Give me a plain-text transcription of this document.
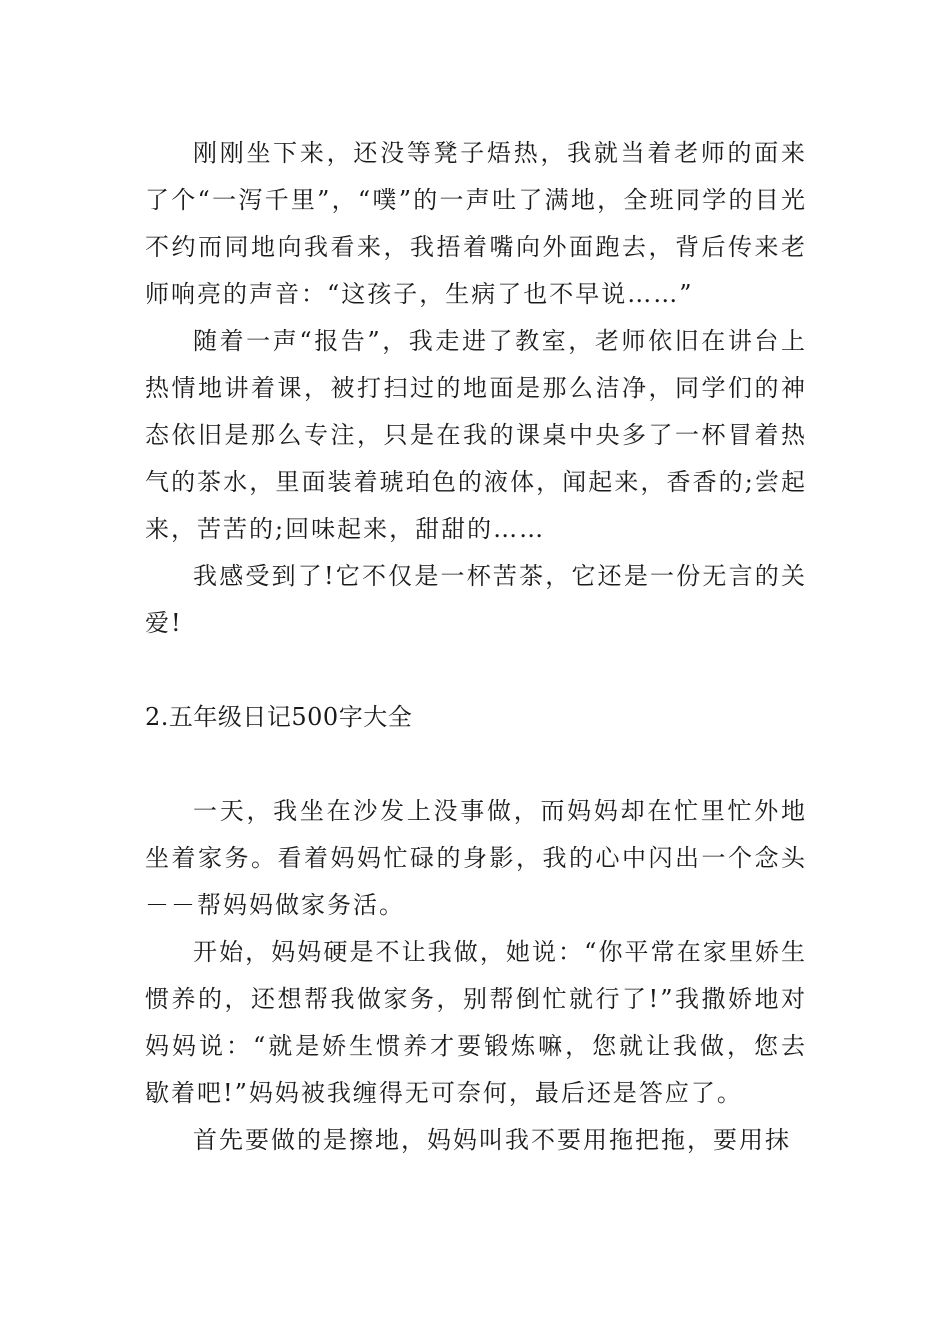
刚刚坐下来，还没等凳子焐热，我就当着老师的面来了个“一泻千里”，“噗”的一声吐了满地，全班同学的目光不约而同地向我看来，我捂着嘴向外面跑去，背后传来老师响亮的声音：“这孩子，生病了也不早说……”

随着一声“报告”，我走进了教室，老师依旧在讲台上热情地讲着课，被打扫过的地面是那么洁净，同学们的神态依旧是那么专注，只是在我的课桌中央多了一杯冒着热气的茶水，里面装着琥珀色的液体，闻起来，香香的;尝起来，苦苦的;回味起来，甜甜的……

我感受到了!它不仅是一杯苦茶，它还是一份无言的关爱!

2.五年级日记500字大全

一天，我坐在沙发上没事做，而妈妈却在忙里忙外地坐着家务。看着妈妈忙碌的身影，我的心中闪出一个念头－－帮妈妈做家务活。

开始，妈妈硬是不让我做，她说：“你平常在家里娇生惯养的，还想帮我做家务，别帮倒忙就行了!”我撒娇地对妈妈说：“就是娇生惯养才要锻炼嘛，您就让我做，您去歇着吧!”妈妈被我缠得无可奈何，最后还是答应了。

首先要做的是擦地，妈妈叫我不要用拖把拖，要用抹
